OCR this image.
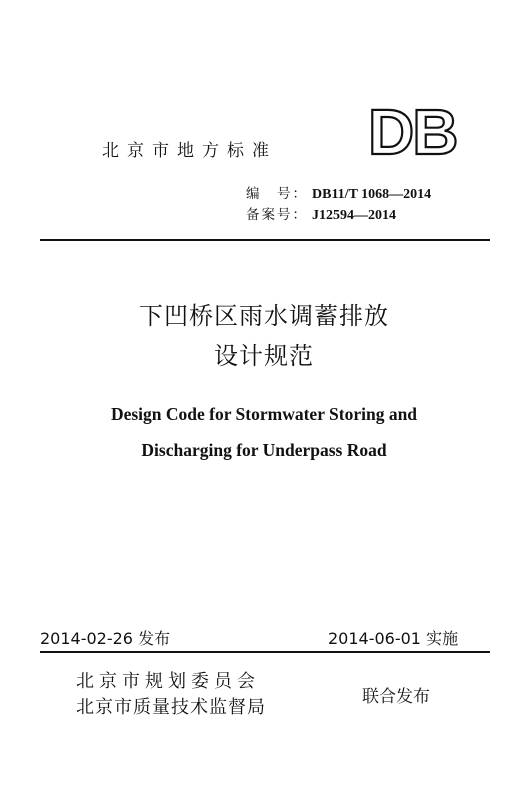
北京市地方标准 DB
编　号： DB11/T 1068—2014
备案号： J12594—2014
下凹桥区雨水调蓄排放
设计规范
Design Code for Stormwater Storing and
Discharging for Underpass Road
2014-02-26 发布	2014-06-01 实施
北京市规划委员会
北京市质量技术监督局	联合发布
